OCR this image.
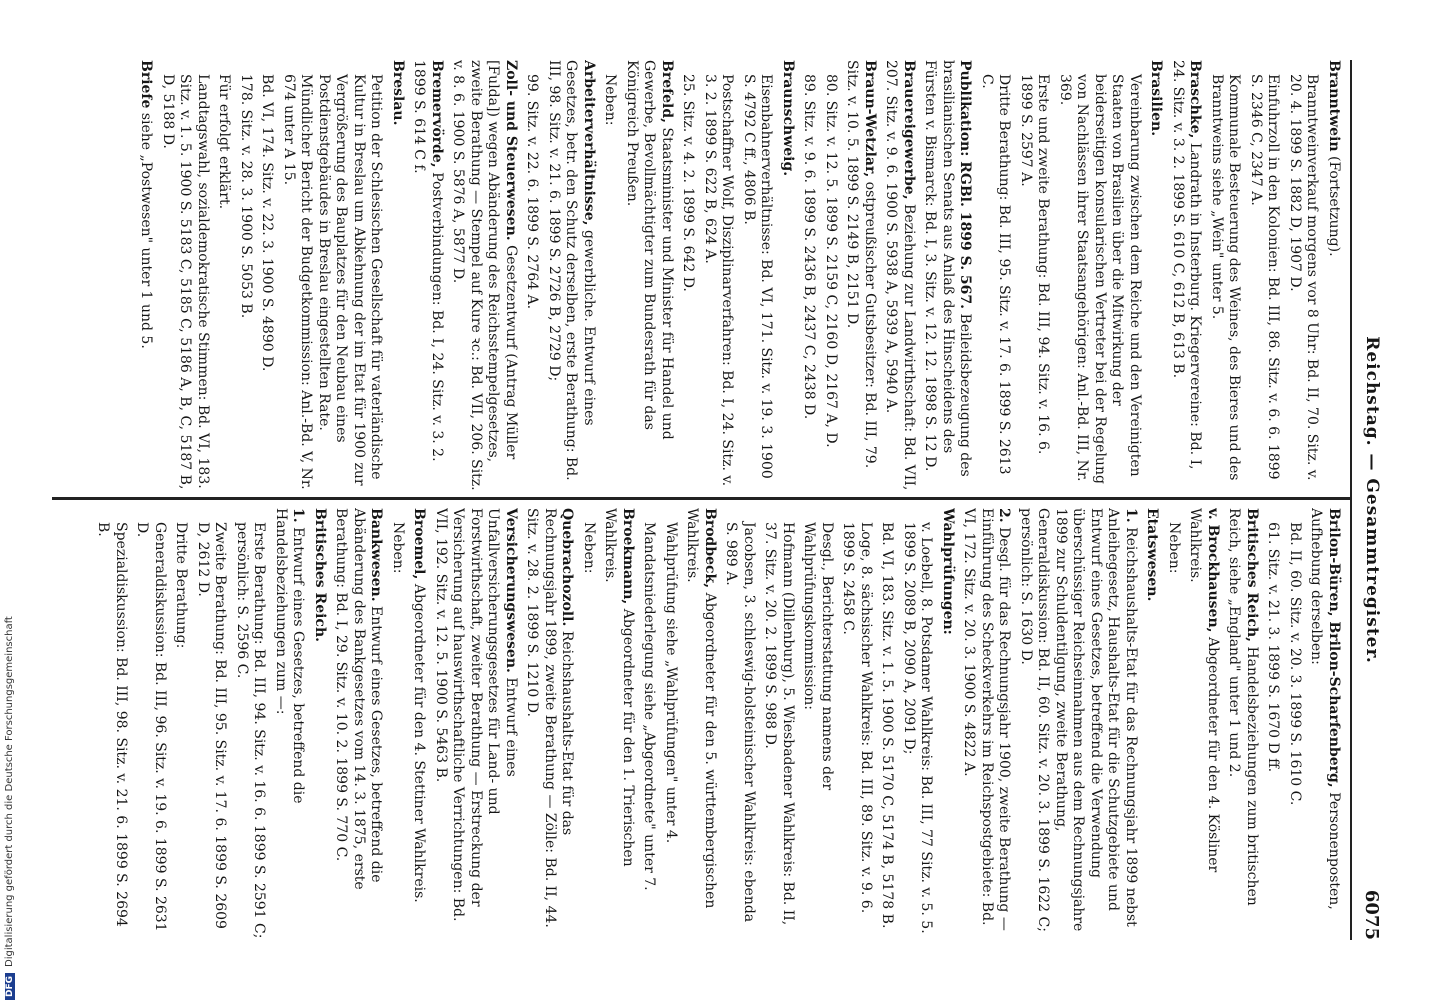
Reichstag. — Gesammtregister.
6075
Branntwein (Fortsetzung).
Branntweinverkauf morgens vor 8 Uhr: Bd. II, 70. Sitz. v. 20. 4. 1899 S. 1882 D, 1907 D.
Einfuhrzoll in den Kolonien: Bd. III, 86. Sitz. v. 6. 6. 1899 S. 2346 C, 2347 A.
Kommunale Besteuerung des Weines, des Bieres und des Branntweins siehe „Wein" unter 5.
Braschke, Landrath in Insterburg. Kriegervereine: Bd. I, 24. Sitz. v. 3. 2. 1899 S. 610 C, 612 B, 613 B.
Brasilien.
Vereinbarung zwischen dem Reiche und den Vereinigten Staaten von Brasilien über die Mitwirkung der beiderseitigen konsularischen Vertreter bei der Regelung von Nachlässen ihrer Staatsangehörigen: Anl.-Bd. III, Nr. 369.
Erste und zweite Berathung: Bd. III, 94. Sitz. v. 16. 6. 1899 S. 2597 A.
Dritte Berathung: Bd. III, 95. Sitz. v. 17. 6. 1899 S. 2613 C.
Publikation: RGBl. 1899 S. 567. Beileidsbezeugung des brasilianischen Senats aus Anlaß des Hinscheidens des Fürsten v. Bismarck: Bd. I, 3. Sitz. v. 12. 12. 1898 S. 12 D.
Brauereigewerbe, Beziehung zur Landwirthschaft: Bd. VII, 207. Sitz. v. 9. 6. 1900 S. 5938 A, 5939 A, 5940 A.
Braun-Wetzlar, ostpreußischer Gutsbesitzer: Bd. III, 79. Sitz. v. 10. 5. 1899 S. 2149 B, 2151 D.
80. Sitz. v. 12. 5. 1899 S. 2159 C, 2160 D, 2167 A, D.
89. Sitz. v. 9. 6. 1899 S. 2436 B, 2437 C, 2438 D.
Braunschweig.
Eisenbahnerverhältnisse: Bd. VI, 171. Sitz. v. 19. 3. 1900 S. 4792 C ff., 4806 B.
Postschaffner Wolf, Disziplinarverfahren: Bd. I, 24. Sitz. v. 3. 2. 1899 S. 622 B, 624 A.
25. Sitz. v. 4. 2. 1899 S. 642 D.
Brefeld, Staatsminister und Minister für Handel und Gewerbe, Bevollmächtigter zum Bundesrath für das Königreich Preußen.
Neben:
Arbeiterverhältnisse, gewerbliche. Entwurf eines Gesetzes, betr. den Schutz derselben, erste Berathung: Bd. III, 98. Sitz. v. 21. 6. 1899 S. 2726 B, 2729 D;
99. Sitz. v. 22. 6. 1899 S. 2764 A.
Zoll- und Steuerwesen. Gesetzentwurf (Antrag Müller [Fulda]) wegen Abänderung des Reichsstempelgesetzes, zweite Berathung — Stempel auf Kure ꝛc.: Bd. VII, 206. Sitz. v. 8. 6. 1900 S. 5876 A, 5877 D.
Bremervörde, Postverbindungen: Bd. I, 24. Sitz. v. 3. 2. 1899 S. 614 C f.
Breslau.
Petition der Schlesischen Gesellschaft für vaterländische Kultur in Breslau um Abkehnung der im Etat für 1900 zur Vergrößerung des Bauplatzes für den Neubau eines Postdienstgebäudes in Breslau eingestellten Rate. Mündlicher Bericht der Budgetkommission: Anl.-Bd. V, Nr. 674 unter A 15.
Bd. VI, 174. Sitz. v. 22. 3. 1900 S. 4890 D.
178. Sitz. v. 28. 3. 1900 S. 5053 B.
Für erfolgt erklärt.
Landtagswahl, sozialdemokratische Stimmen: Bd. VI, 183. Sitz. v. 1. 5. 1900 S. 5183 C, 5185 C, 5186 A, B, C, 5187 B, D, 5188 D.
Briefe siehe „Postwesen" unter 1 und 5.
Brilon-Büren, Brilon-Scharfenberg, Personenposten, Aufhebung derselben:
Bd. II, 60. Sitz. v. 20. 3. 1899 S. 1610 C.
61. Sitz. v. 21. 3. 1899 S. 1670 D ff.
Britisches Reich, Handelsbeziehungen zum britischen Reich, siehe „England" unter 1 und 2.
v. Brockhausen, Abgeordneter für den 4. Kösliner Wahlkreis.
Neben:
Etatswesen.
1. Reichshaushalts-Etat für das Rechnungsjahr 1899 nebst Anleihegesetz, Haushalts-Etat für die Schutzgebiete und Entwurf eines Gesetzes, betreffend die Verwendung überschüssiger Reichseinnahmen aus dem Rechnungsjahre 1899 zur Schuldentilgung, zweite Berathung, Generaldiskussion: Bd. II, 60. Sitz. v. 20. 3. 1899 S. 1622 C; persönlich: S. 1630 D.
2. Desgl. für das Rechnungsjahr 1900, zweite Berathung — Einführung des Scheckverkehrs im Reichspostgebiete: Bd. VI, 172. Sitz. v. 20. 3. 1900 S. 4822 A.
Wahlprüfungen:
v. Loebell, 8. Potsdamer Wahlkreis: Bd. III, 77 Sitz. v. 5. 5. 1899 S. 2089 B, 2090 A, 2091 D;
Bd. VI, 183. Sitz. v. 1. 5. 1900 S. 5170 C, 5174 B, 5178 B.
Loge, 8. sächsischer Wahlkreis: Bd. III, 89. Sitz. v. 9. 6. 1899 S. 2458 C.
Desgl., Berichterstattung namens der Wahlprüfungskommission:
Hofmann (Dillenburg), 5. Wiesbadener Wahlkreis: Bd. II, 37. Sitz. v. 20. 2. 1899 S. 988 D.
Jacobsen, 3. schleswig-holsteinischer Wahlkreis: ebenda S. 989 A.
Brodbeck, Abgeordneter für den 5. württembergischen Wahlkreis.
Wahlprüfung siehe „Wahlprüfungen" unter 4.
Mandatsniederlegung siehe „Abgeordnete" unter 7.
Broekmann, Abgeordneter für den 1. Trierischen Wahlkreis.
Neben:
Quebrachozoll. Reichshaushalts-Etat für das Rechnungsjahr 1899, zweite Berathung — Zölle: Bd. II, 44. Sitz. v. 28. 2. 1899 S. 1210 D.
Versicherungswesen. Entwurf eines Unfallversicherungsgesetzes für Land- und Forstwirthschaft, zweiter Berathung — Erstreckung der Versicherung auf hauswirthschaftliche Verrichtungen: Bd. VII, 192. Sitz. v. 12. 5. 1900 S. 5463 B.
Broemel, Abgeordneter für den 4. Stettiner Wahlkreis.
Neben:
Bankwesen. Entwurf eines Gesetzes, betreffend die Abänderung des Bankgesetzes vom 14. 3. 1875, erste Berathung: Bd. I, 29. Sitz. v. 10. 2. 1899 S. 770 C.
Britisches Reich.
1. Entwurf eines Gesetzes, betreffend die Handelsbeziehungen zum —:
Erste Berathung: Bd. III, 94. Sitz. v. 16. 6. 1899 S. 2591 C; persönlich: S. 2596 C.
Zweite Berathung: Bd. III, 95. Sitz. v. 17. 6. 1899 S. 2609 D, 2612 D.
Dritte Berathung:
Generaldiskussion: Bd. III, 96. Sitz. v. 19. 6. 1899 S. 2631 D.
Spezialdiskussion: Bd. III, 98. Sitz. v. 21. 6. 1899 S. 2694 B.
DFGDigitalisierung gefördert durch die Deutsche Forschungsgemeinschaft
